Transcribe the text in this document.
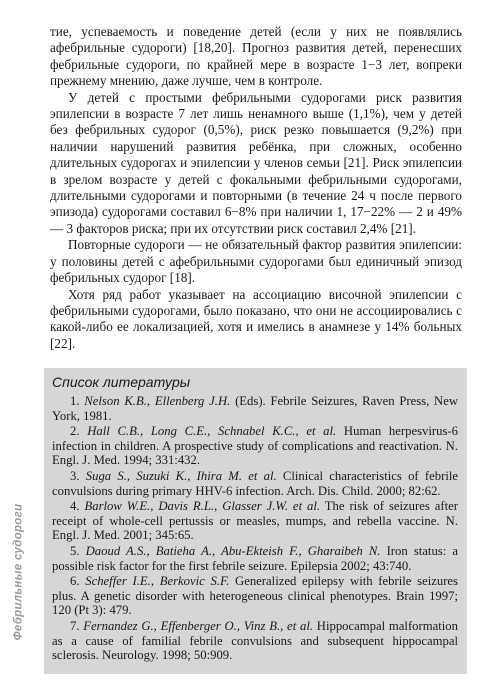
тие, успеваемость и поведение детей (если у них не появлялись афебрильные судороги) [18,20]. Прогноз развития детей, перенесших фебрильные судороги, по крайней мере в возрасте 1−3 лет, вопреки прежнему мнению, даже лучше, чем в контроле.

У детей с простыми фебрильными судорогами риск развития эпилепсии в возрасте 7 лет лишь ненамного выше (1,1%), чем у детей без фебрильных судорог (0,5%), риск резко повышается (9,2%) при наличии нарушений развития ребёнка, при сложных, особенно длительных судорогах и эпилепсии у членов семьи [21]. Риск эпилепсии в зрелом возрасте у детей с фокальными фебрильными судорогами, длительными судорогами и повторными (в течение 24 ч после первого эпизода) судорогами составил 6−8% при наличии 1, 17−22% — 2 и 49% — 3 факторов риска; при их отсутствии риск составил 2,4% [21].

Повторные судороги — не обязательный фактор развития эпилепсии: у половины детей с афебрильными судорогами был единичный эпизод фебрильных судорог [18].

Хотя ряд работ указывает на ассоциацию височной эпилепсии с фебрильными судорогами, было показано, что они не ассоциировались с какой-либо ее локализацией, хотя и имелись в анамнезе у 14% больных [22].

Список литературы
1. Nelson K.B., Ellenberg J.H. (Eds). Febrile Seizures, Raven Press, New York, 1981.
2. Hall C.B., Long C.E., Schnabel K.C., et al. Human herpesvirus-6 infection in children. A prospective study of complications and reactivation. N. Engl. J. Med. 1994; 331:432.
3. Suga S., Suzuki K., Ihira M. et al. Clinical characteristics of febrile convulsions during primary HHV-6 infection. Arch. Dis. Child. 2000; 82:62.
4. Barlow W.E., Davis R.L., Glasser J.W. et al. The risk of seizures after receipt of whole-cell pertussis or measles, mumps, and rebella vaccine. N. Engl. J. Med. 2001; 345:65.
5. Daoud A.S., Batieha A., Abu-Ekteish F., Gharaibeh N. Iron status: a possible risk factor for the first febrile seizure. Epilepsia 2002; 43:740.
6. Scheffer I.E., Berkovic S.F. Generalized epilepsy with febrile seizures plus. A genetic disorder with heterogeneous clinical phenotypes. Brain 1997; 120 (Pt 3): 479.
7. Fernandez G., Effenberger O., Vinz B., et al. Hippocampal malformation as a cause of familial febrile convulsions and subsequent hippocampal sclerosis. Neurology. 1998; 50:909.
Фебрильные судороги
